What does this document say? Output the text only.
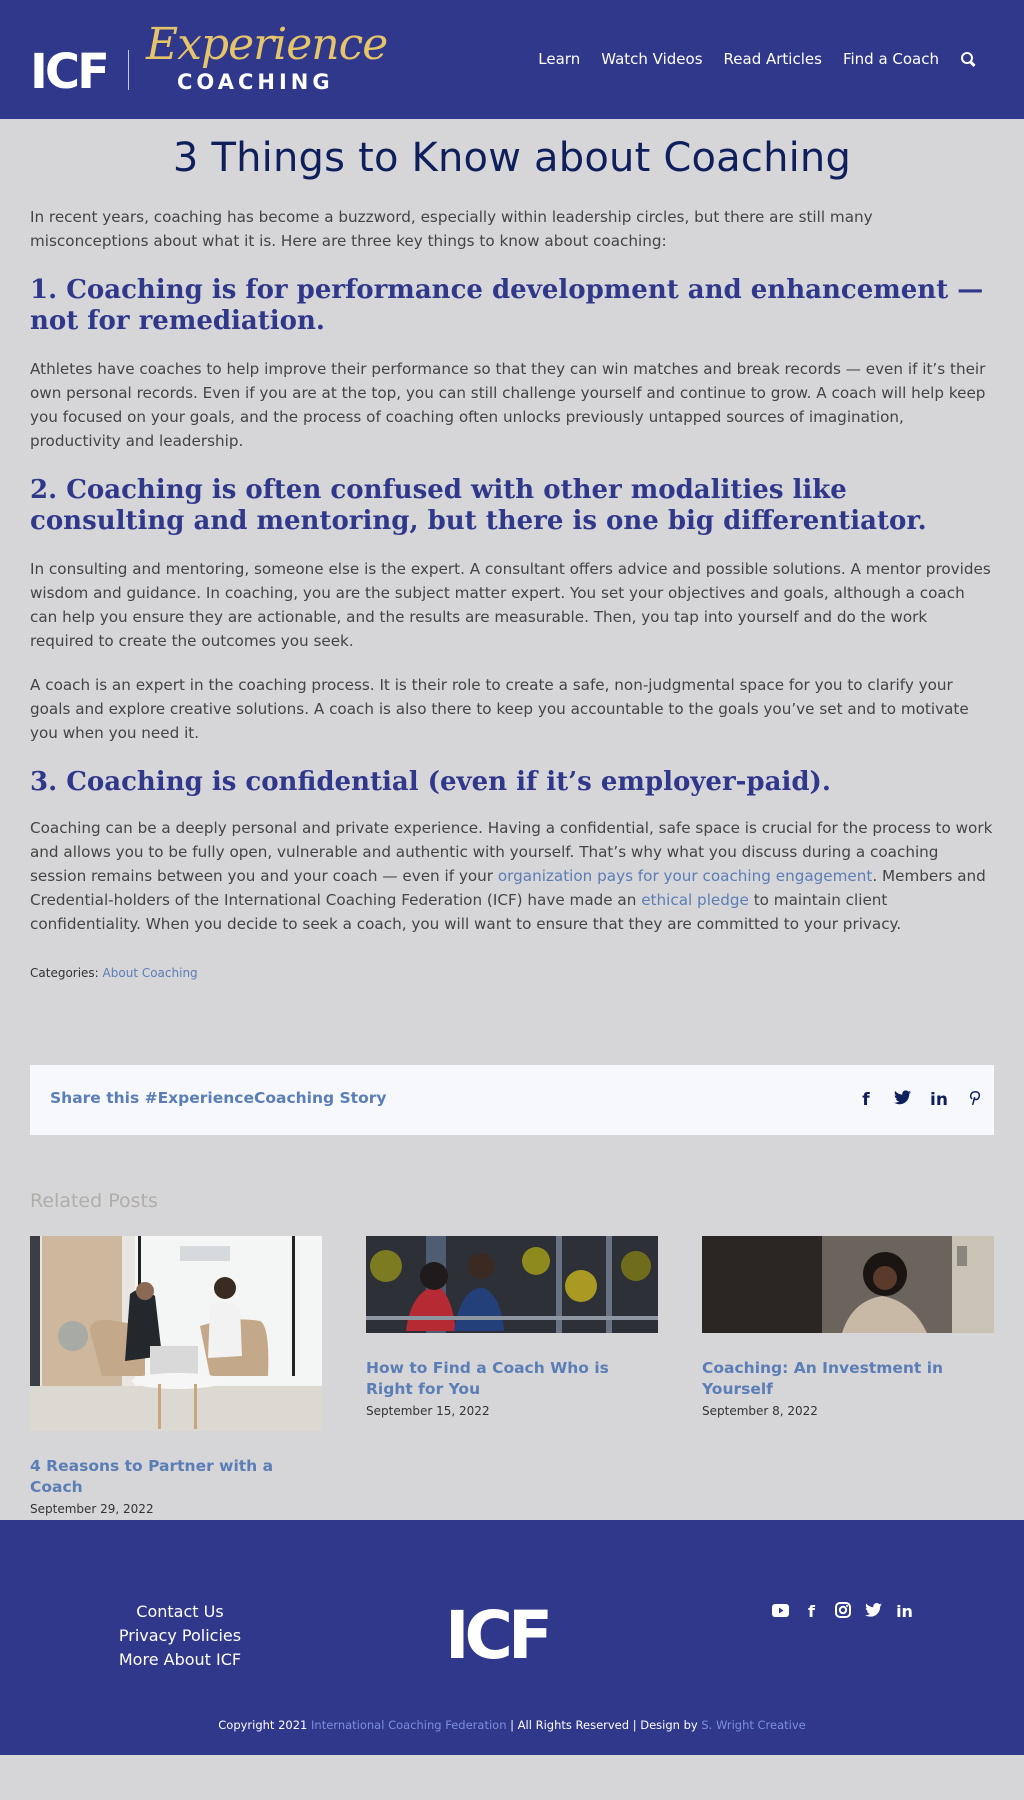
ICF Experience
COACHING
Learn Watch Videos Read Articles Find a Coach
3 Things to Know about Coaching

In recent years, coaching has become a buzzword, especially within leadership circles, but there are still many misconceptions about what it is. Here are three key things to know about coaching:

1. Coaching is for performance development and enhancement — not for remediation.

Athletes have coaches to help improve their performance so that they can win matches and break records — even if it’s their own personal records. Even if you are at the top, you can still challenge yourself and continue to grow. A coach will help keep you focused on your goals, and the process of coaching often unlocks previously untapped sources of imagination, productivity and leadership.

2. Coaching is often confused with other modalities like consulting and mentoring, but there is one big differentiator.

In consulting and mentoring, someone else is the expert. A consultant offers advice and possible solutions. A mentor provides wisdom and guidance. In coaching, you are the subject matter expert. You set your objectives and goals, although a coach can help you ensure they are actionable, and the results are measurable. Then, you tap into yourself and do the work required to create the outcomes you seek.

A coach is an expert in the coaching process. It is their role to create a safe, non-judgmental space for you to clarify your goals and explore creative solutions. A coach is also there to keep you accountable to the goals you’ve set and to motivate you when you need it.

3. Coaching is confidential (even if it’s employer-paid).

Coaching can be a deeply personal and private experience. Having a confidential, safe space is crucial for the process to work and allows you to be fully open, vulnerable and authentic with yourself. That’s why what you discuss during a coaching session remains between you and your coach — even if your organization pays for your coaching engagement. Members and Credential-holders of the International Coaching Federation (ICF) have made an ethical pledge to maintain client confidentiality. When you decide to seek a coach, you will want to ensure that they are committed to your privacy.

Categories: About Coaching

Share this #ExperienceCoaching Story	f	in
Related Posts
4 Reasons to Partner with a Coach
September 29, 2022
How to Find a Coach Who is Right for You
September 15, 2022
Coaching: An Investment in Yourself
September 8, 2022
Contact Us
Privacy Policies
More About ICF	ICF	f	in
Copyright 2021 International Coaching Federation | All Rights Reserved | Design by S. Wright Creative
